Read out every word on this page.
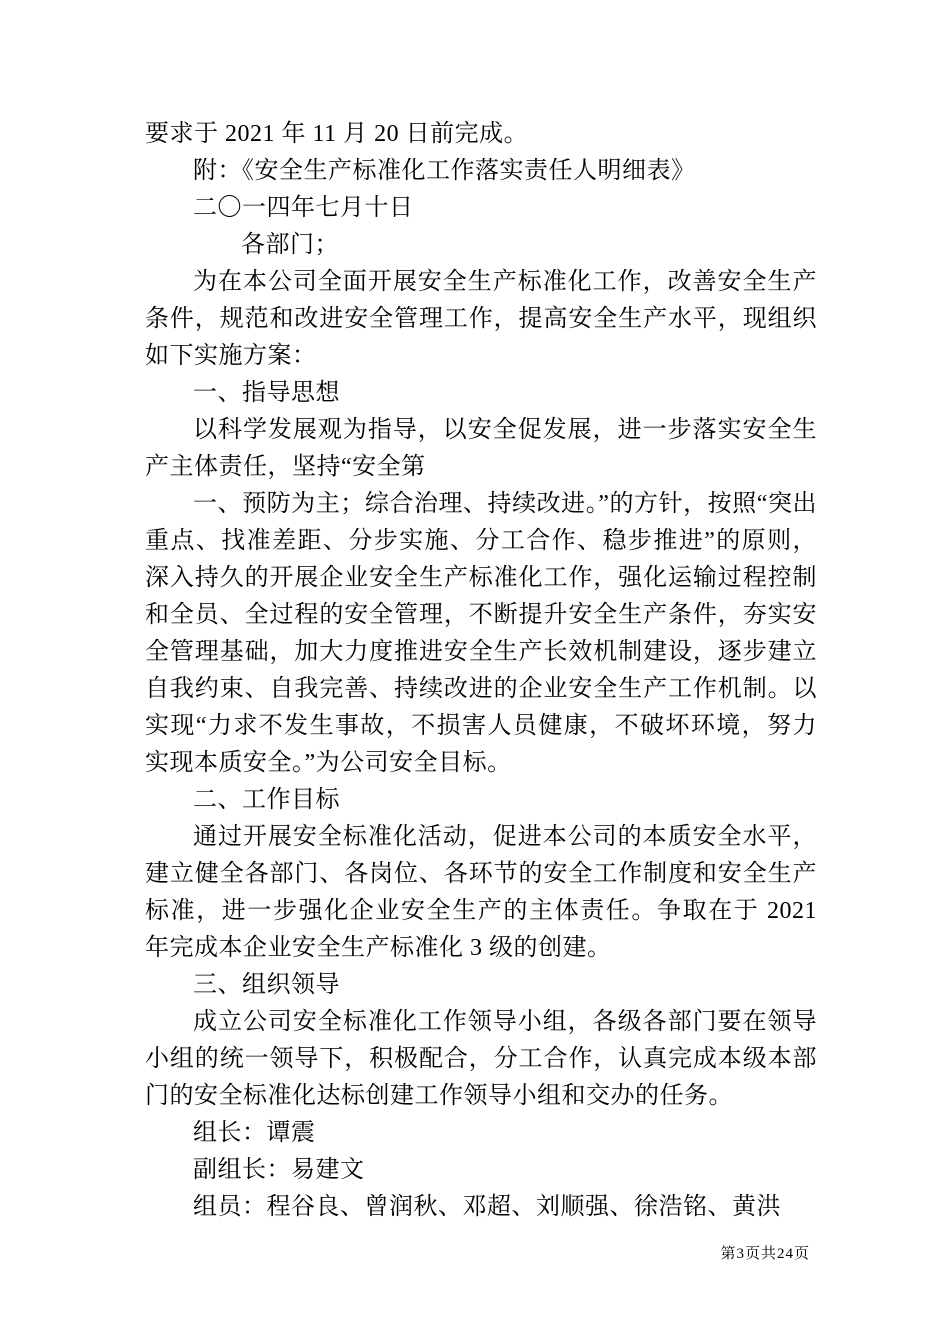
要求于 2021 年 11 月 20 日前完成。

附：《安全生产标准化工作落实责任人明细表》

二〇一四年七月十日

各部门；

为在本公司全面开展安全生产标准化工作，改善安全生产条件，规范和改进安全管理工作，提高安全生产水平，现组织如下实施方案：

一、指导思想

以科学发展观为指导，以安全促发展，进一步落实安全生产主体责任，坚持“安全第

一、预防为主；综合治理、持续改进。”的方针，按照“突出重点、找准差距、分步实施、分工合作、稳步推进”的原则，深入持久的开展企业安全生产标准化工作，强化运输过程控制和全员、全过程的安全管理，不断提升安全生产条件，夯实安全管理基础，加大力度推进安全生产长效机制建设，逐步建立自我约束、自我完善、持续改进的企业安全生产工作机制。以实现“力求不发生事故，不损害人员健康，不破坏环境，努力实现本质安全。”为公司安全目标。

二、工作目标

通过开展安全标准化活动，促进本公司的本质安全水平，建立健全各部门、各岗位、各环节的安全工作制度和安全生产标准，进一步强化企业安全生产的主体责任。争取在于 2021 年完成本企业安全生产标准化 3 级的创建。

三、组织领导

成立公司安全标准化工作领导小组，各级各部门要在领导小组的统一领导下，积极配合，分工合作，认真完成本级本部门的安全标准化达标创建工作领导小组和交办的任务。

组长：谭震

副组长：易建文

组员：程谷良、曾润秋、邓超、刘顺强、徐浩铭、黄洪

第3页共24页
